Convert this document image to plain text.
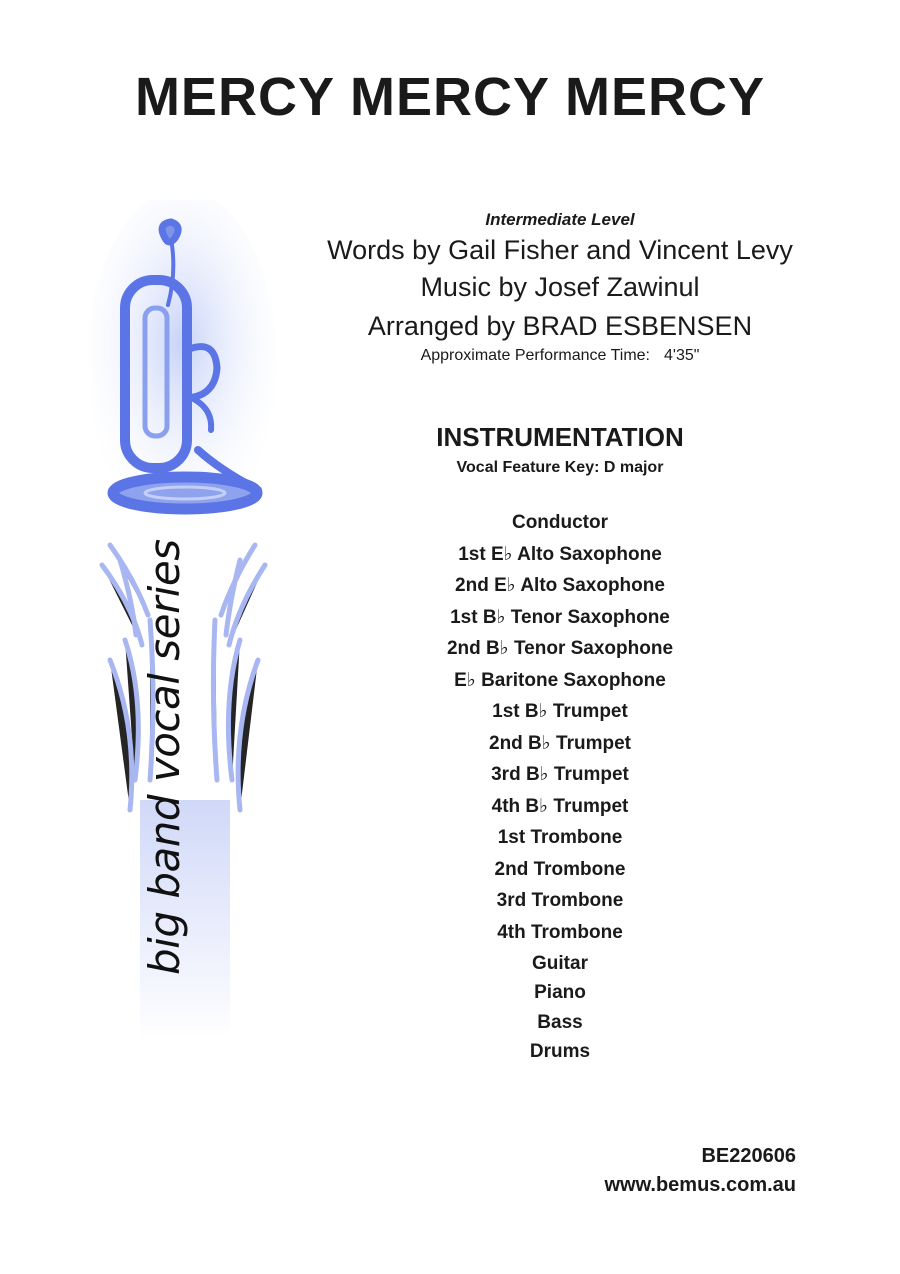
MERCY MERCY MERCY
big band vocal series
Intermediate Level
Words by Gail Fisher and Vincent Levy
Music by Josef Zawinul
Arranged by BRAD ESBENSEN
Approximate Performance Time: 4'35"
INSTRUMENTATION
Vocal Feature Key: D major
Conductor
1st E♭ Alto Saxophone
2nd E♭ Alto Saxophone
1st B♭ Tenor Saxophone
2nd B♭ Tenor Saxophone
E♭ Baritone Saxophone
1st B♭ Trumpet
2nd B♭ Trumpet
3rd B♭ Trumpet
4th B♭ Trumpet
1st Trombone
2nd Trombone
3rd Trombone
4th Trombone
Guitar
Piano
Bass
Drums
BE220606
www.bemus.com.au
